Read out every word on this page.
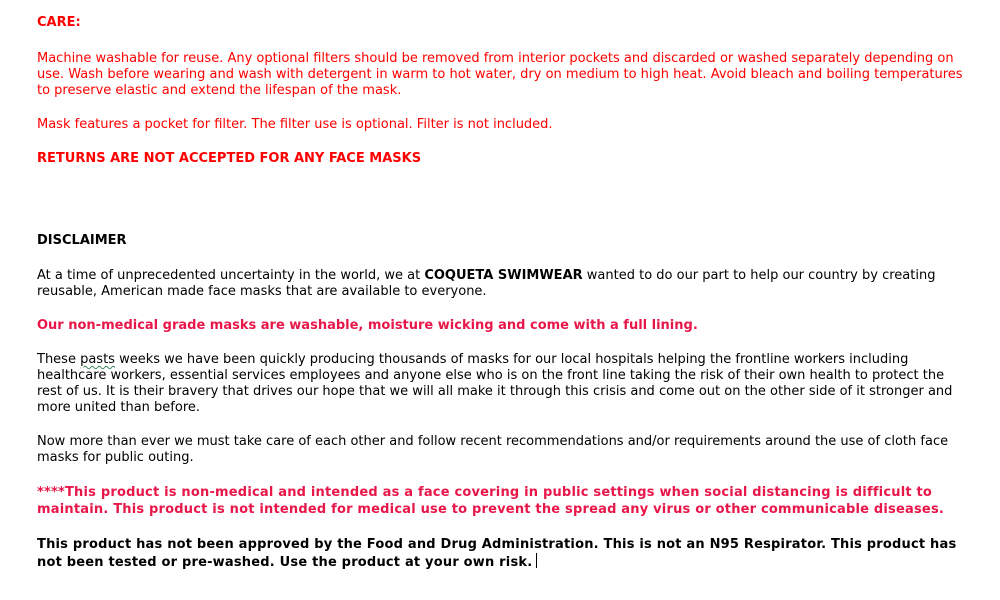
CARE:

Machine washable for reuse. Any optional filters should be removed from interior pockets and discarded or washed separately depending on use. Wash before wearing and wash with detergent in warm to hot water, dry on medium to high heat. Avoid bleach and boiling temperatures to preserve elastic and extend the lifespan of the mask.

Mask features a pocket for filter. The filter use is optional. Filter is not included.

RETURNS ARE NOT ACCEPTED FOR ANY FACE MASKS

DISCLAIMER

At a time of unprecedented uncertainty in the world, we at COQUETA SWIMWEAR wanted to do our part to help our country by creating reusable, American made face masks that are available to everyone.

Our non-medical grade masks are washable, moisture wicking and come with a full lining.

These pasts weeks we have been quickly producing thousands of masks for our local hospitals helping the frontline workers including healthcare workers, essential services employees and anyone else who is on the front line taking the risk of their own health to protect the rest of us. It is their bravery that drives our hope that we will all make it through this crisis and come out on the other side of it stronger and more united than before.

Now more than ever we must take care of each other and follow recent recommendations and/or requirements around the use of cloth face masks for public outing.

****This product is non-medical and intended as a face covering in public settings when social distancing is difficult to maintain. This product is not intended for medical use to prevent the spread any virus or other communicable diseases.

This product has not been approved by the Food and Drug Administration. This is not an N95 Respirator. This product has not been tested or pre-washed. Use the product at your own risk.
